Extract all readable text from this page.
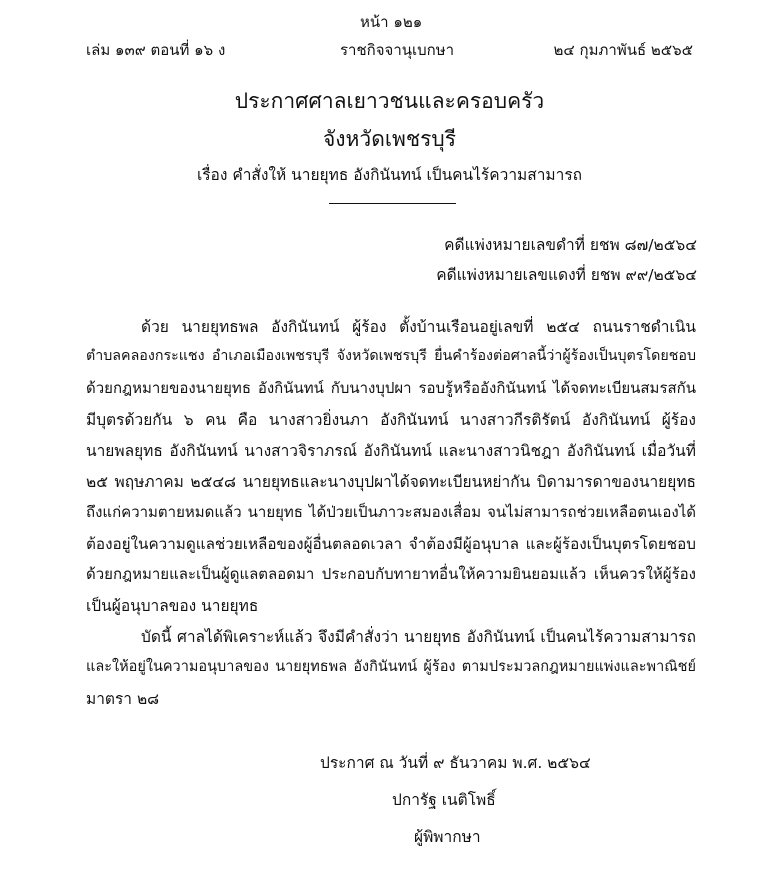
หน้า ๑๒๑
เล่ม ๑๓๙ ตอนที่ ๑๖ ง	ราชกิจจานุเบกษา	๒๔ กุมภาพันธ์ ๒๕๖๕
ประกาศศาลเยาวชนและครอบครัว
จังหวัดเพชรบุรี
เรื่อง คำสั่งให้ นายยุทธ อังกินันทน์ เป็นคนไร้ความสามารถ
คดีแพ่งหมายเลขดำที่ ยชพ ๘๗/๒๕๖๔
คดีแพ่งหมายเลขแดงที่ ยชพ ๙๙/๒๕๖๔
ด้วย นายยุทธพล อังกินันทน์ ผู้ร้อง ตั้งบ้านเรือนอยู่เลขที่ ๒๕๔ ถนนราชดำเนิน
ตำบลคลองกระแชง อำเภอเมืองเพชรบุรี จังหวัดเพชรบุรี ยื่นคำร้องต่อศาลนี้ว่าผู้ร้องเป็นบุตรโดยชอบ
ด้วยกฎหมายของนายยุทธ อังกินันทน์ กับนางบุปผา รอบรู้หรืออังกินันทน์ ได้จดทะเบียนสมรสกัน
มีบุตรด้วยกัน ๖ คน คือ นางสาวยิ่งนภา อังกินันทน์ นางสาวกีรติรัตน์ อังกินันทน์ ผู้ร้อง
นายพลยุทธ อังกินันทน์ นางสาวจิราภรณ์ อังกินันทน์ และนางสาวนิชฎา อังกินันทน์ เมื่อวันที่
๒๕ พฤษภาคม ๒๕๔๘ นายยุทธและนางบุปผาได้จดทะเบียนหย่ากัน บิดามารดาของนายยุทธ
ถึงแก่ความตายหมดแล้ว นายยุทธ ได้ป่วยเป็นภาวะสมองเสื่อม จนไม่สามารถช่วยเหลือตนเองได้
ต้องอยู่ในความดูแลช่วยเหลือของผู้อื่นตลอดเวลา จำต้องมีผู้อนุบาล และผู้ร้องเป็นบุตรโดยชอบ
ด้วยกฎหมายและเป็นผู้ดูแลตลอดมา ประกอบกับทายาทอื่นให้ความยินยอมแล้ว เห็นควรให้ผู้ร้อง
เป็นผู้อนุบาลของ นายยุทธ
บัดนี้ ศาลได้พิเคราะห์แล้ว จึงมีคำสั่งว่า นายยุทธ อังกินันทน์ เป็นคนไร้ความสามารถ
และให้อยู่ในความอนุบาลของ นายยุทธพล อังกินันทน์ ผู้ร้อง ตามประมวลกฎหมายแพ่งและพาณิชย์
มาตรา ๒๘
ประกาศ ณ วันที่ ๙ ธันวาคม พ.ศ. ๒๕๖๔
ปการัฐ เนติโพธิ์
ผู้พิพากษา
